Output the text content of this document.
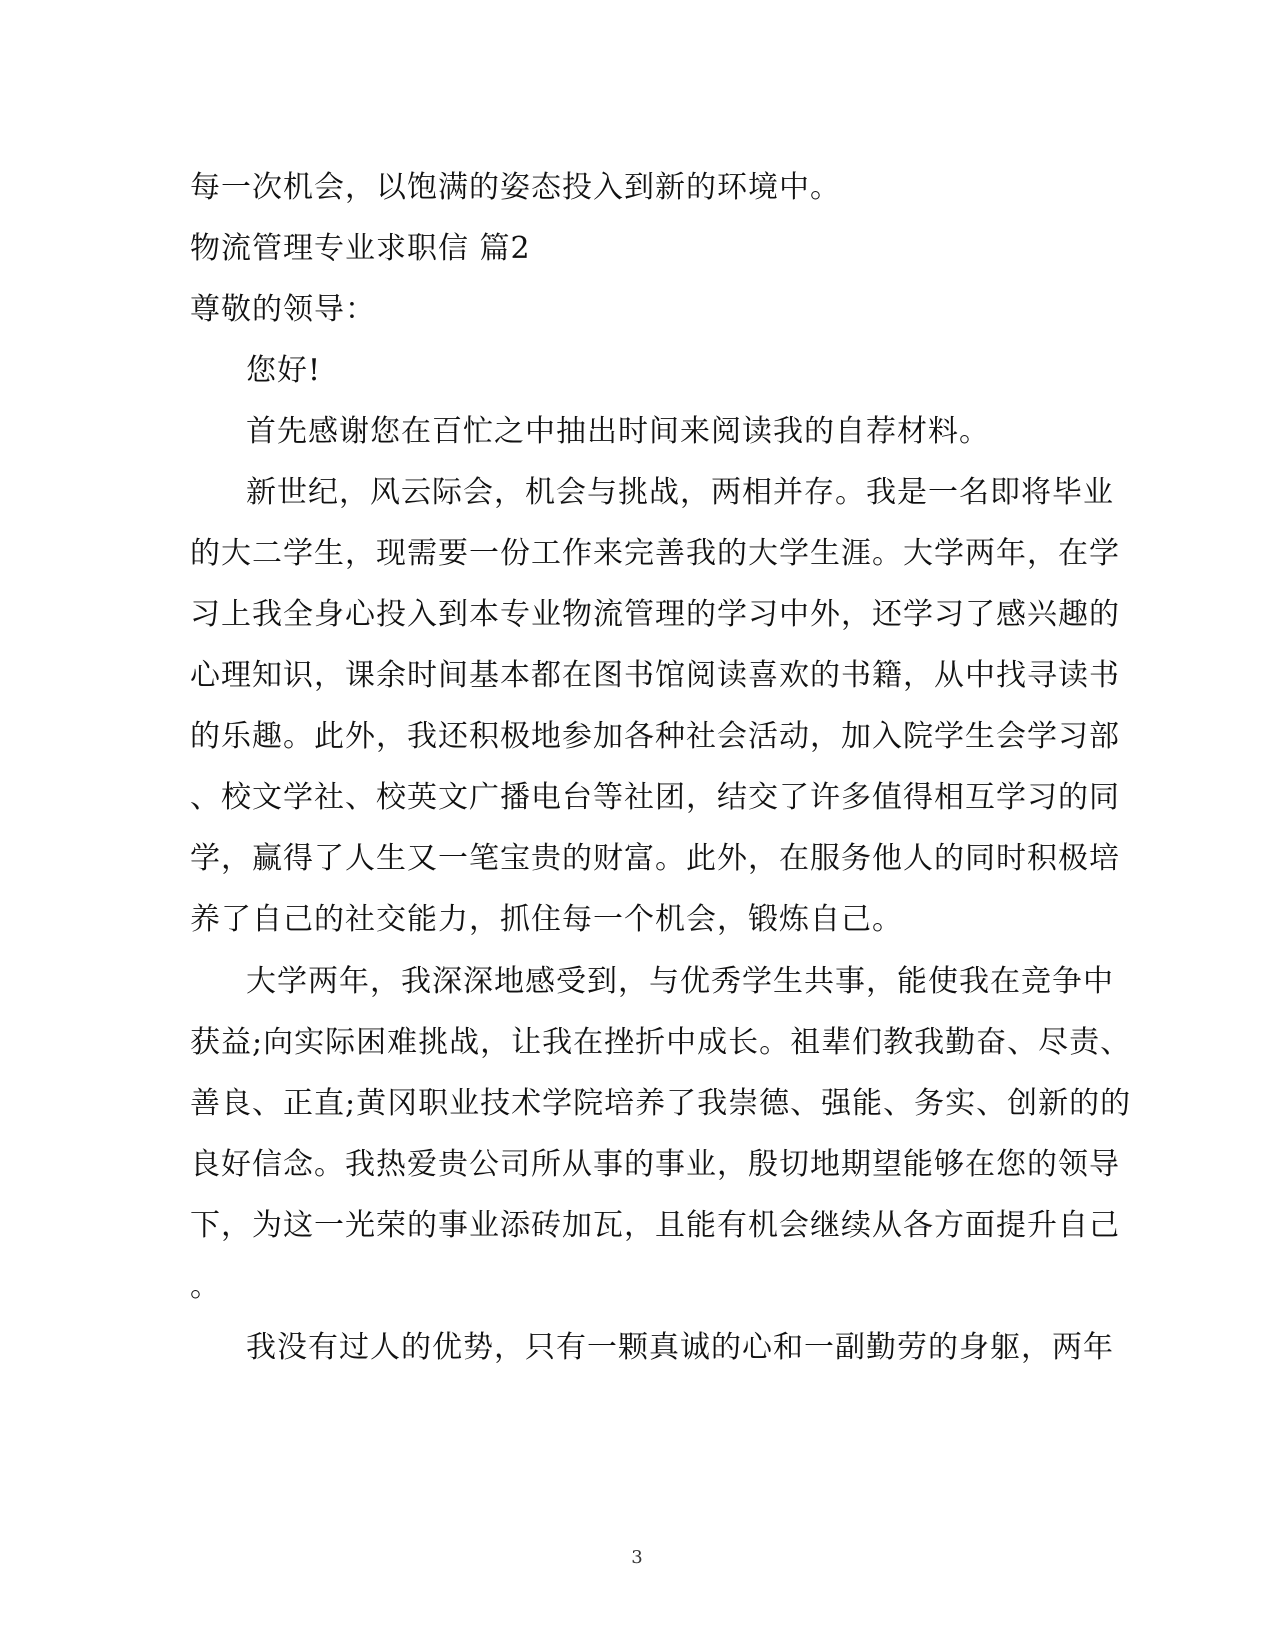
每一次机会，以饱满的姿态投入到新的环境中。

物流管理专业求职信 篇2

尊敬的领导：

您好!

首先感谢您在百忙之中抽出时间来阅读我的自荐材料。

新世纪，风云际会，机会与挑战，两相并存。我是一名即将毕业

的大二学生，现需要一份工作来完善我的大学生涯。大学两年，在学

习上我全身心投入到本专业物流管理的学习中外，还学习了感兴趣的

心理知识，课余时间基本都在图书馆阅读喜欢的书籍，从中找寻读书

的乐趣。此外，我还积极地参加各种社会活动，加入院学生会学习部

、校文学社、校英文广播电台等社团，结交了许多值得相互学习的同

学，赢得了人生又一笔宝贵的财富。此外，在服务他人的同时积极培

养了自己的社交能力，抓住每一个机会，锻炼自己。

大学两年，我深深地感受到，与优秀学生共事，能使我在竞争中

获益;向实际困难挑战，让我在挫折中成长。祖辈们教我勤奋、尽责、

善良、正直;黄冈职业技术学院培养了我崇德、强能、务实、创新的的

良好信念。我热爱贵公司所从事的事业，殷切地期望能够在您的领导

下，为这一光荣的事业添砖加瓦，且能有机会继续从各方面提升自己

。

我没有过人的优势，只有一颗真诚的心和一副勤劳的身躯，两年

3
